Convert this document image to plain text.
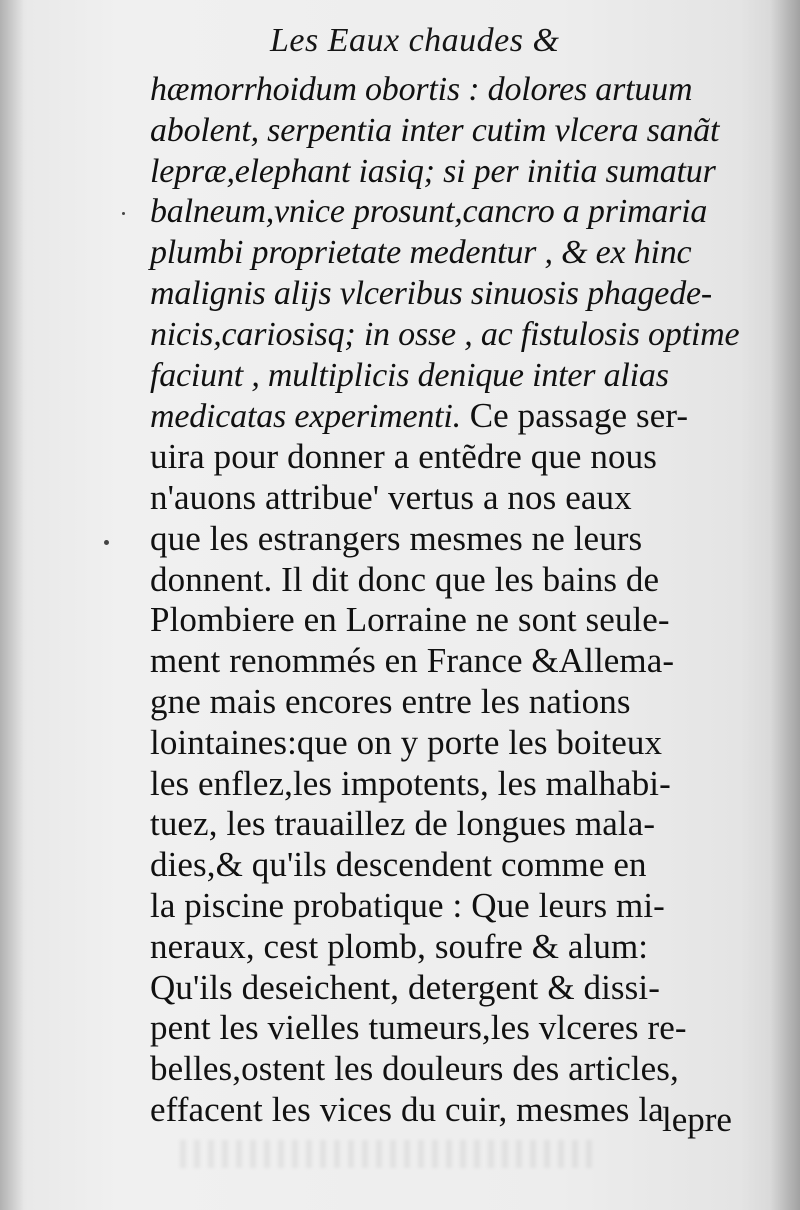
Les Eaux chaudes &
hæmorrhoidum obortis : dolores artuum
abolent, serpentia inter cutim vlcera sanãt
lepræ,elephant iasiq; si per initia sumatur
balneum,vnice prosunt,cancro a primaria
plumbi proprietate medentur , & ex hinc
malignis alijs vlceribus sinuosis phagede-
nicis,cariosisq; in osse , ac fistulosis optime
faciunt , multiplicis denique inter alias
medicatas experimenti. Ce passage ser-
uira pour donner a entẽdre que nous
n'auons attribue' vertus a nos eaux
que les estrangers mesmes ne leurs
donnent. Il dit donc que les bains de
Plombiere en Lorraine ne sont seule-
ment renommés en France &Allema-
gne mais encores entre les nations
lointaines:que on y porte les boiteux
les enflez,les impotents, les malhabi-
tuez, les trauaillez de longues mala-
dies,& qu'ils descendent comme en
la piscine probatique : Que leurs mi-
neraux, cest plomb, soufre & alum:
Qu'ils deseichent, detergent & dissi-
pent les vielles tumeurs,les vlceres re-
belles,ostent les douleurs des articles,
effacent les vices du cuir, mesmes la
lepre
